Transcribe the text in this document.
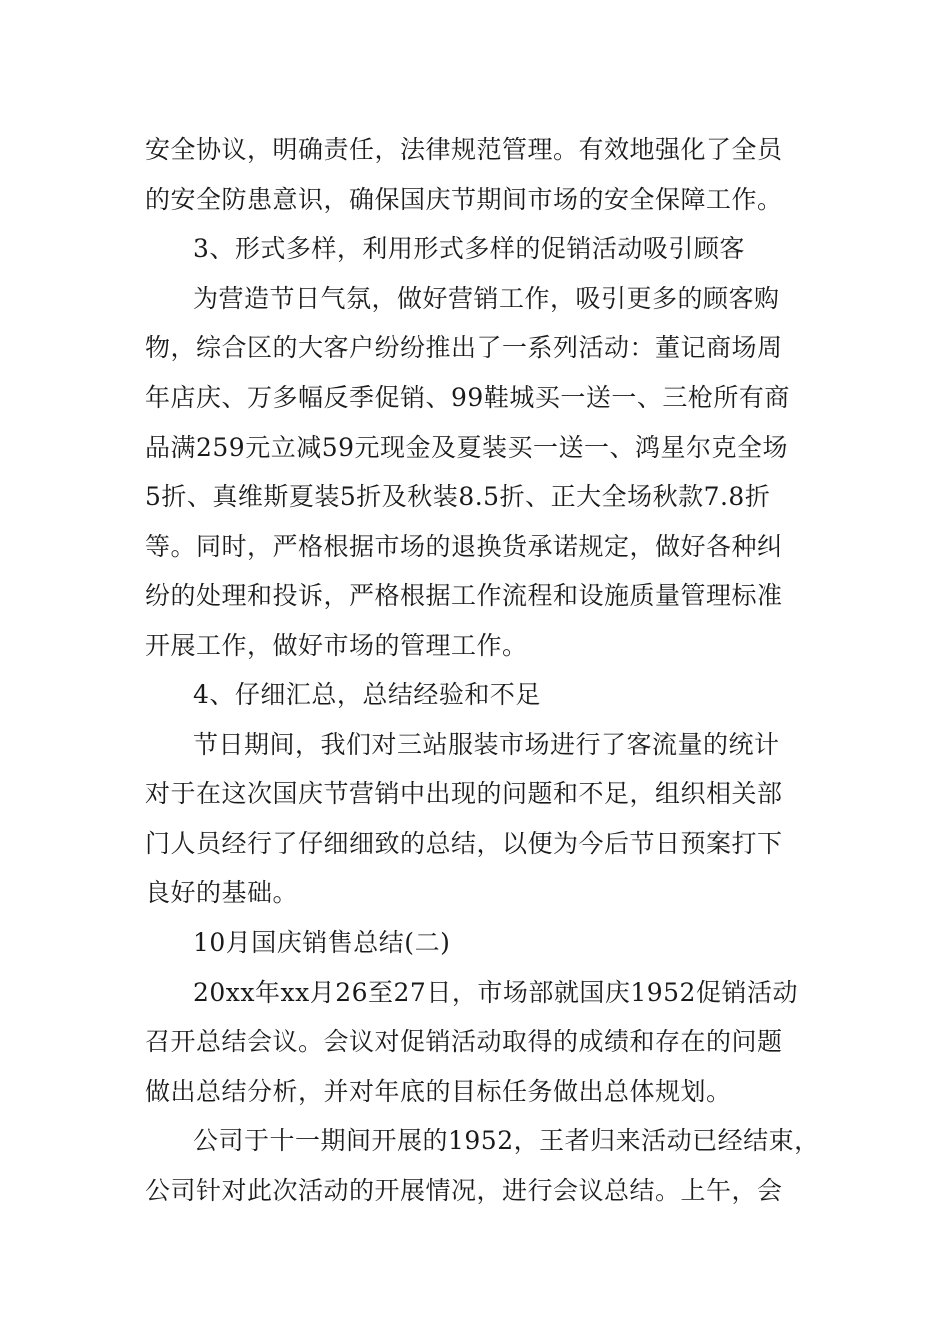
安全协议，明确责任，法律规范管理。有效地强化了全员
的安全防患意识，确保国庆节期间市场的安全保障工作。
3、形式多样，利用形式多样的促销活动吸引顾客
为营造节日气氛，做好营销工作，吸引更多的顾客购
物，综合区的大客户纷纷推出了一系列活动：董记商场周
年店庆、万多幅反季促销、99鞋城买一送一、三枪所有商
品满259元立减59元现金及夏装买一送一、鸿星尔克全场
5折、真维斯夏装5折及秋装8.5折、正大全场秋款7.8折
等。同时，严格根据市场的退换货承诺规定，做好各种纠
纷的处理和投诉，严格根据工作流程和设施质量管理标准
开展工作，做好市场的管理工作。
4、仔细汇总，总结经验和不足
节日期间，我们对三站服装市场进行了客流量的统计
对于在这次国庆节营销中出现的问题和不足，组织相关部
门人员经行了仔细细致的总结，以便为今后节日预案打下
良好的基础。
10月国庆销售总结(二)
20xx年xx月26至27日，市场部就国庆1952促销活动
召开总结会议。会议对促销活动取得的成绩和存在的问题
做出总结分析，并对年底的目标任务做出总体规划。
公司于十一期间开展的1952，王者归来活动已经结束，
公司针对此次活动的开展情况，进行会议总结。上午，会
